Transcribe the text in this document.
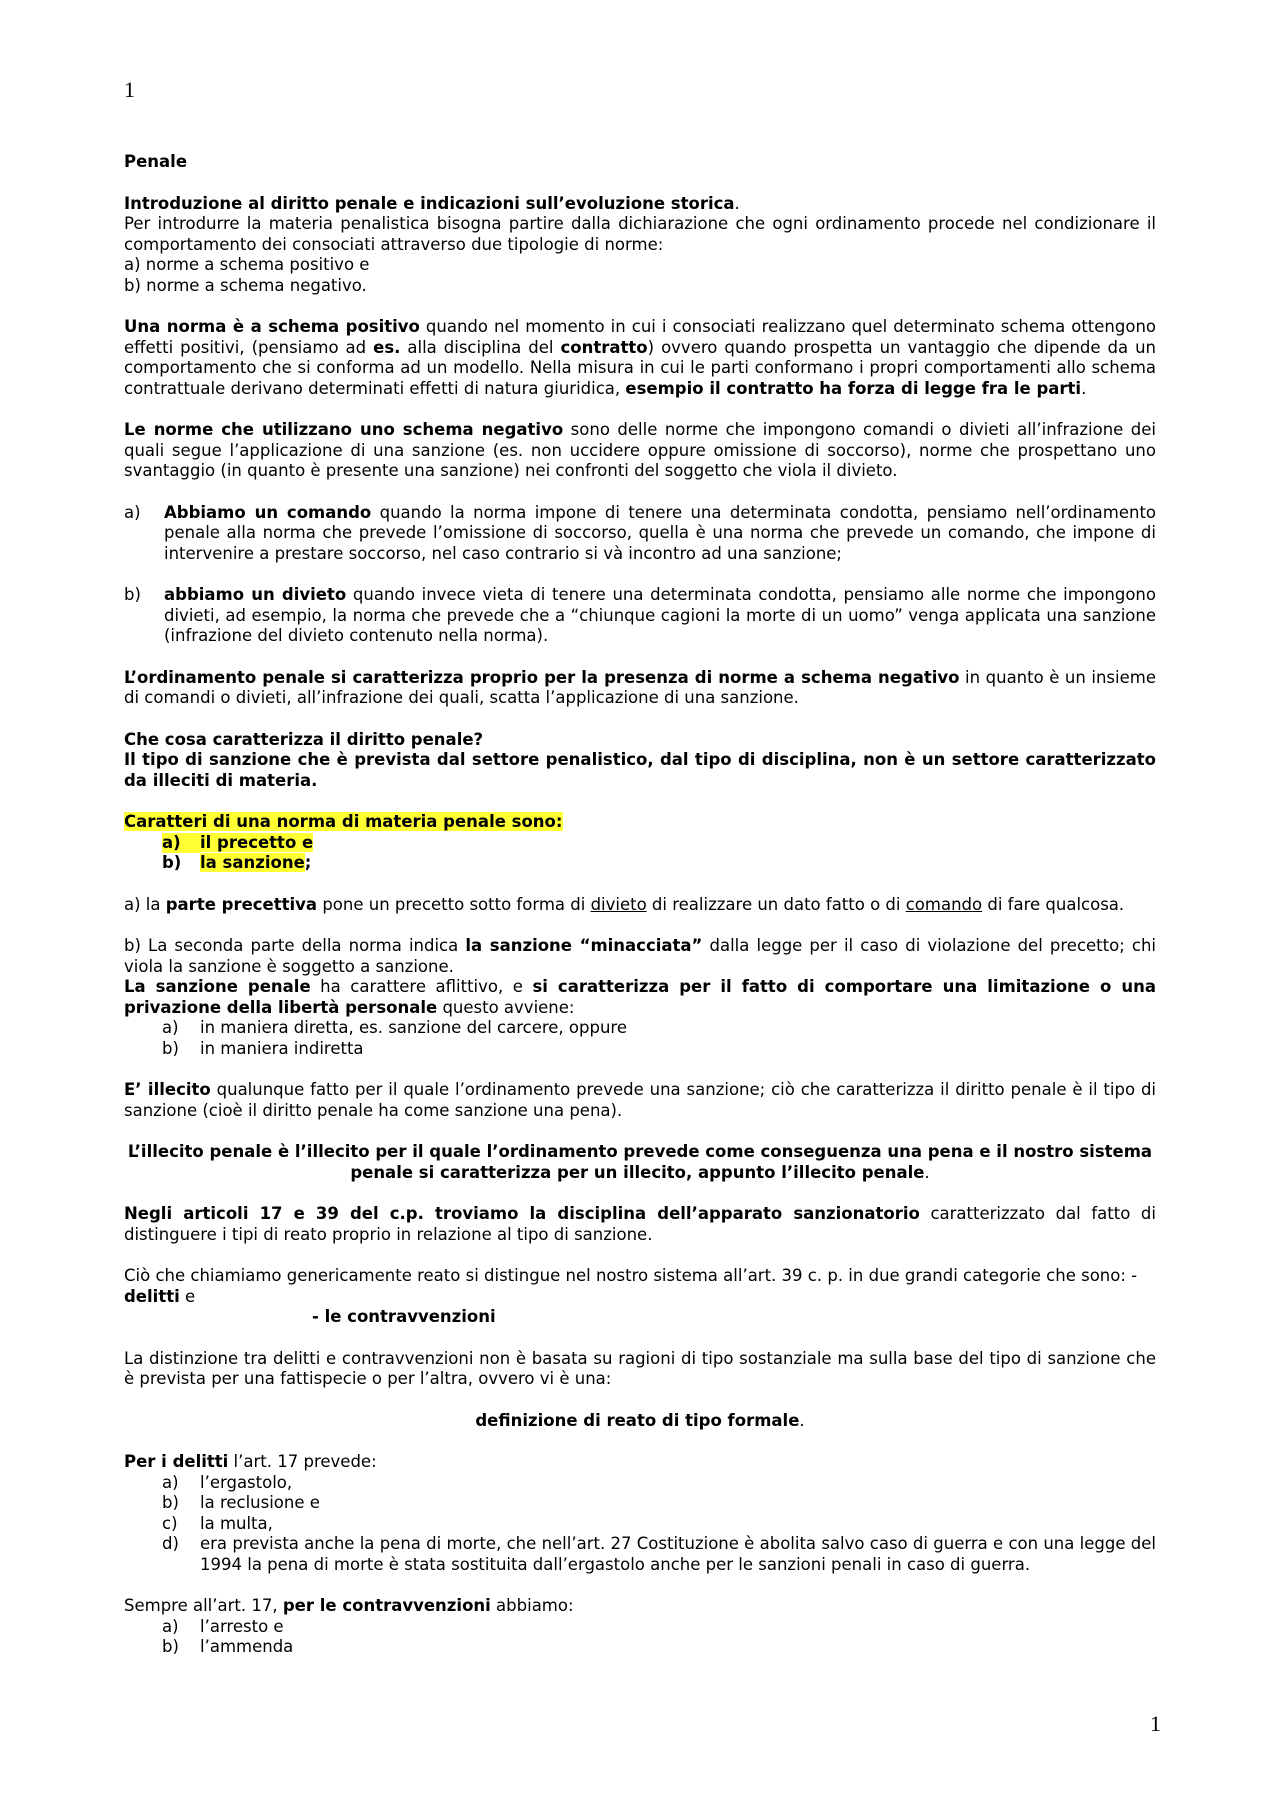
1

Penale

Introduzione al diritto penale e indicazioni sull’evoluzione storica.

Per introdurre la materia penalistica bisogna partire dalla dichiarazione che ogni ordinamento procede nel condizionare il comportamento dei consociati attraverso due tipologie di norme:

a) norme a schema positivo e

b) norme a schema negativo.

Una norma è a schema positivo quando nel momento in cui i consociati realizzano quel determinato schema ottengono effetti positivi, (pensiamo ad es. alla disciplina del contratto) ovvero quando prospetta un vantaggio che dipende da un comportamento che si conforma ad un modello. Nella misura in cui le parti conformano i propri comportamenti allo schema contrattuale derivano determinati effetti di natura giuridica, esempio il contratto ha forza di legge fra le parti.

Le norme che utilizzano uno schema negativo sono delle norme che impongono comandi o divieti all’infrazione dei quali segue l’applicazione di una sanzione (es. non uccidere oppure omissione di soccorso), norme che prospettano uno svantaggio (in quanto è presente una sanzione) nei confronti del soggetto che viola il divieto.

a)	Abbiamo un comando quando la norma impone di tenere una determinata condotta, pensiamo nell’ordinamento penale alla norma che prevede l’omissione di soccorso, quella è una norma che prevede un comando, che impone di intervenire a prestare soccorso, nel caso contrario si và incontro ad una sanzione;
b)	abbiamo un divieto quando invece vieta di tenere una determinata condotta, pensiamo alle norme che impongono divieti, ad esempio, la norma che prevede che a “chiunque cagioni la morte di un uomo” venga applicata una sanzione (infrazione del divieto contenuto nella norma).

L’ordinamento penale si caratterizza proprio per la presenza di norme a schema negativo in quanto è un insieme di comandi o divieti, all’infrazione dei quali, scatta l’applicazione di una sanzione.

Che cosa caratterizza il diritto penale?

Il tipo di sanzione che è prevista dal settore penalistico, dal tipo di disciplina, non è un settore caratterizzato da illeciti di materia.

Caratteri di una norma di materia penale sono:

a)	il precetto e
b)	la sanzione;

a) la parte precettiva pone un precetto sotto forma di divieto di realizzare un dato fatto o di comando di fare qualcosa.

b) La seconda parte della norma indica la sanzione “minacciata” dalla legge per il caso di violazione del precetto; chi viola la sanzione è soggetto a sanzione.

La sanzione penale ha carattere aflittivo, e si caratterizza per il fatto di comportare una limitazione o una privazione della libertà personale questo avviene:

a)	in maniera diretta, es. sanzione del carcere, oppure
b)	in maniera indiretta

E’ illecito qualunque fatto per il quale l’ordinamento prevede una sanzione; ciò che caratterizza il diritto penale è il tipo di sanzione (cioè il diritto penale ha come sanzione una pena).

L’illecito penale è l’illecito per il quale l’ordinamento prevede come conseguenza una pena e il nostro sistema penale si caratterizza per un illecito, appunto l’illecito penale.

Negli articoli 17 e 39 del c.p. troviamo la disciplina dell’apparato sanzionatorio caratterizzato dal fatto di distinguere i tipi di reato proprio in relazione al tipo di sanzione.

Ciò che chiamiamo genericamente reato si distingue nel nostro sistema all’art. 39 c. p. in due grandi categorie che sono: - delitti e

- le contravvenzioni

La distinzione tra delitti e contravvenzioni non è basata su ragioni di tipo sostanziale ma sulla base del tipo di sanzione che è prevista per una fattispecie o per l’altra, ovvero vi è una:

definizione di reato di tipo formale.

Per i delitti l’art. 17 prevede:

a)	l’ergastolo,
b)	la reclusione e
c)	la multa,
d)	era prevista anche la pena di morte, che nell’art. 27 Costituzione è abolita salvo caso di guerra e con una legge del 1994 la pena di morte è stata sostituita dall’ergastolo anche per le sanzioni penali in caso di guerra.

Sempre all’art. 17, per le contravvenzioni abbiamo:

a)	l’arresto e
b)	l’ammenda
1
